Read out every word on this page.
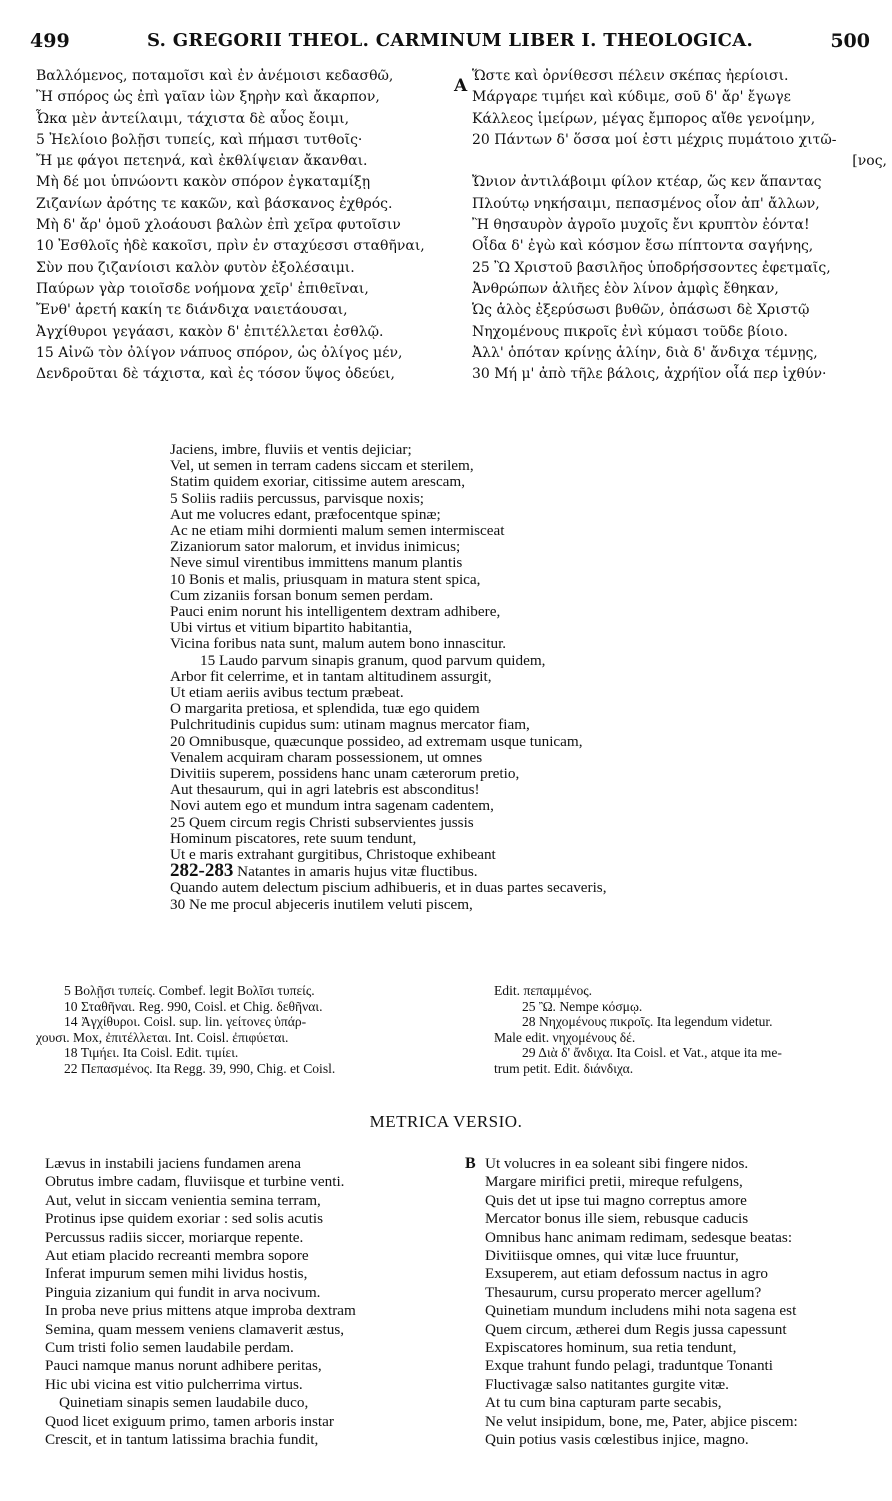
499	S. GREGORII THEOL. CARMINUM LIBER I. THEOLOGICA.	500
Βαλλόμενος, ποταμοῖσι καὶ ἐν ἀνέμοισι κεδασθῶ,
Ἢ σπόρος ὡς ἐπὶ γαῖαν ἰὼν ξηρὴν καὶ ἄκαρπον,
Ὦκα μὲν ἀντείλαιμι, τάχιστα δὲ αὖος ἔοιμι,
5 Ἠελίοιο βολῇσι τυπείς, καὶ πήμασι τυτθοῖς·
Ἤ με φάγοι πετεηνά, καὶ ἐκθλίψειαν ἄκανθαι.
Μὴ δέ μοι ὑπνώοντι κακὸν σπόρον ἐγκαταμίξῃ
Ζιζανίων ἀρότης τε κακῶν, καὶ βάσκανος ἐχθρός.
Μὴ δ' ἄρ' ὁμοῦ χλοάουσι βαλὼν ἐπὶ χεῖρα φυτοῖσιν
10 Ἐσθλοῖς ἠδὲ κακοῖσι, πρὶν ἐν σταχύεσσι σταθῆναι,
Σὺν που ζιζανίοισι καλὸν φυτὸν ἐξολέσαιμι.
Παύρων γὰρ τοιοῖσδε νοήμονα χεῖρ' ἐπιθεῖναι,
Ἔνθ' ἀρετή κακίη τε διάνδιχα ναιετάουσαι,
Ἀγχίθυροι γεγάασι, κακὸν δ' ἐπιτέλλεται ἐσθλῷ.
15 Αἰνῶ τὸν ὀλίγον νάπυος σπόρον, ὡς ὀλίγος μέν,
Δενδροῦται δὲ τάχιστα, καὶ ἐς τόσον ὕψος ὀδεύει,
A Ὥστε καὶ ὀρνίθεσσι πέλειν σκέπας ἠερίοισι.
Μάργαρε τιμήει καὶ κύδιμε, σοῦ δ' ἄρ' ἔγωγε
Κάλλεος ἱμείρων, μέγας ἔμπορος αἴθε γενοίμην,
20 Πάντων δ' ὅσσα μοί ἐστι μέχρις πυμάτοιο χιτῶ-
[νος,
Ὤνιον ἀντιλάβοιμι φίλον κτέαρ, ὥς κεν ἅπαντας
Πλούτῳ νηκήσαιμι, πεπασμένος οἷον ἀπ' ἄλλων,
Ἢ θησαυρὸν ἀγροῖο μυχοῖς ἔνι κρυπτὸν ἐόντα!
Οἶδα δ' ἐγὼ καὶ κόσμον ἔσω πίπτοντα σαγήνης,
25 Ὢ Χριστοῦ βασιλῆος ὑποδρήσσοντες ἐφετμαῖς,
Ἀνθρώπων ἁλιῆες ἑὸν λίνον ἀμφὶς ἔθηκαν,
Ὡς ἁλὸς ἐξερύσωσι βυθῶν, ὀπάσωσι δὲ Χριστῷ
Νηχομένους πικροῖς ἐνὶ κύμασι τοῦδε βίοιο.
Ἀλλ' ὁπόταν κρίνῃς ἁλίην, διὰ δ' ἄνδιχα τέμνῃς,
30 Μή μ' ἀπὸ τῆλε βάλοις, ἀχρήϊον οἷά περ ἰχθύν·
Jaciens, imbre, fluviis et ventis dejiciar;
Vel, ut semen in terram cadens siccam et sterilem,
Statim quidem exoriar, citissime autem arescam,
5 Soliis radiis percussus, parvisque noxis;
Aut me volucres edant, præfocentque spinæ;
Ac ne etiam mihi dormienti malum semen intermisceat
Zizaniorum sator malorum, et invidus inimicus;
Neve simul virentibus immittens manum plantis
10 Bonis et malis, priusquam in matura stent spica,
Cum zizaniis forsan bonum semen perdam.
Pauci enim norunt his intelligentem dextram adhibere,
Ubi virtus et vitium bipartito habitantia,
Vicina foribus nata sunt, malum autem bono innascitur.
15 Laudo parvum sinapis granum, quod parvum quidem,
Arbor fit celerrime, et in tantam altitudinem assurgit,
Ut etiam aeriis avibus tectum præbeat.
O margarita pretiosa, et splendida, tuæ ego quidem
Pulchritudinis cupidus sum: utinam magnus mercator fiam,
20 Omnibusque, quæcunque possideo, ad extremam usque tunicam,
Venalem acquiram charam possessionem, ut omnes
Divitiis superem, possidens hanc unam cæterorum pretio,
Aut thesaurum, qui in agri latebris est absconditus!
Novi autem ego et mundum intra sagenam cadentem,
25 Quem circum regis Christi subservientes jussis
Hominum piscatores, rete suum tendunt,
Ut e maris extrahant gurgitibus, Christoque exhibeant
282-283 Natantes in amaris hujus vitæ fluctibus.
Quando autem delectum piscium adhibueris, et in duas partes secaveris,
30 Ne me procul abjeceris inutilem veluti piscem,
5 Βολῇσι τυπείς. Combef. legit Βολῖσι τυπείς.
10 Σταθῆναι. Reg. 990, Coisl. et Chig. δεθῆναι.
14 Ἀγχίθυροι. Coisl. sup. lin. γείτονες ὑπάρ-
χουσι. Mox, ἐπιτέλλεται. Int. Coisl. ἐπιφύεται.
18 Τιμήει. Ita Coisl. Edit. τιμίει.
22 Πεπασμένος. Ita Regg. 39, 990, Chig. et Coisl.
Edit. πεπαμμένος.
25 Ὢ. Nempe κόσμῳ.
28 Νηχομένους πικροῖς. Ita legendum videtur.
Male edit. νηχομένους δέ.
29 Διὰ δ' ἄνδιχα. Ita Coisl. et Vat., atque ita me-
trum petit. Edit. διάνδιχα.
METRICA VERSIO.
Lævus in instabili jaciens fundamen arena
Obrutus imbre cadam, fluviisque et turbine venti.
Aut, velut in siccam venientia semina terram,
Protinus ipse quidem exoriar : sed solis acutis
Percussus radiis siccer, moriarque repente.
Aut etiam placido recreanti membra sopore
Inferat impurum semen mihi lividus hostis,
Pinguia zizanium qui fundit in arva nocivum.
In proba neve prius mittens atque improba dextram
Semina, quam messem veniens clamaverit æstus,
Cum tristi folio semen laudabile perdam.
Pauci namque manus norunt adhibere peritas,
Hic ubi vicina est vitio pulcherrima virtus.
Quinetiam sinapis semen laudabile duco,
Quod licet exiguum primo, tamen arboris instar
Crescit, et in tantum latissima brachia fundit,
B Ut volucres in ea soleant sibi fingere nidos.
Margare mirifici pretii, mireque refulgens,
Quis det ut ipse tui magno correptus amore
Mercator bonus ille siem, rebusque caducis
Omnibus hanc animam redimam, sedesque beatas:
Divitiisque omnes, qui vitæ luce fruuntur,
Exsuperem, aut etiam defossum nactus in agro
Thesaurum, cursu properato mercer agellum?
Quinetiam mundum includens mihi nota sagena est
Quem circum, ætherei dum Regis jussa capessunt
Expiscatores hominum, sua retia tendunt,
Exque trahunt fundo pelagi, traduntque Tonanti
Fluctivagæ salso natitantes gurgite vitæ.
At tu cum bina capturam parte secabis,
Ne velut insipidum, bone, me, Pater, abjice piscem:
Quin potius vasis cœlestibus injice, magno.
